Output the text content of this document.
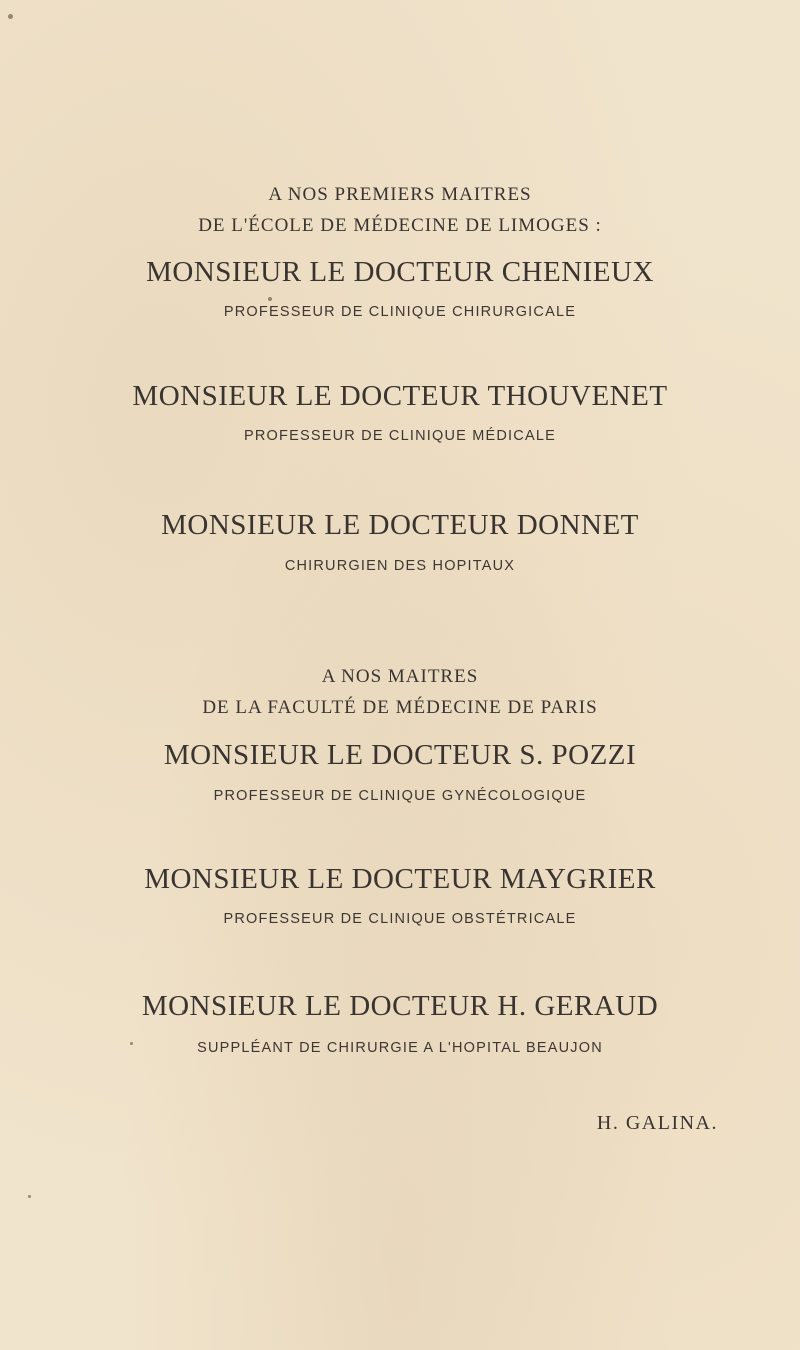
A NOS PREMIERS MAITRES
DE L'ÉCOLE DE MÉDECINE DE LIMOGES :
MONSIEUR LE DOCTEUR CHENIEUX
PROFESSEUR DE CLINIQUE CHIRURGICALE
MONSIEUR LE DOCTEUR THOUVENET
PROFESSEUR DE CLINIQUE MÉDICALE
MONSIEUR LE DOCTEUR DONNET
CHIRURGIEN DES HOPITAUX
A NOS MAITRES
DE LA FACULTÉ DE MÉDECINE DE PARIS
MONSIEUR LE DOCTEUR S. POZZI
PROFESSEUR DE CLINIQUE GYNÉCOLOGIQUE
MONSIEUR LE DOCTEUR MAYGRIER
PROFESSEUR DE CLINIQUE OBSTÉTRICALE
MONSIEUR LE DOCTEUR H. GERAUD
SUPPLÉANT DE CHIRURGIE A L'HOPITAL BEAUJON
H. GALINA.
